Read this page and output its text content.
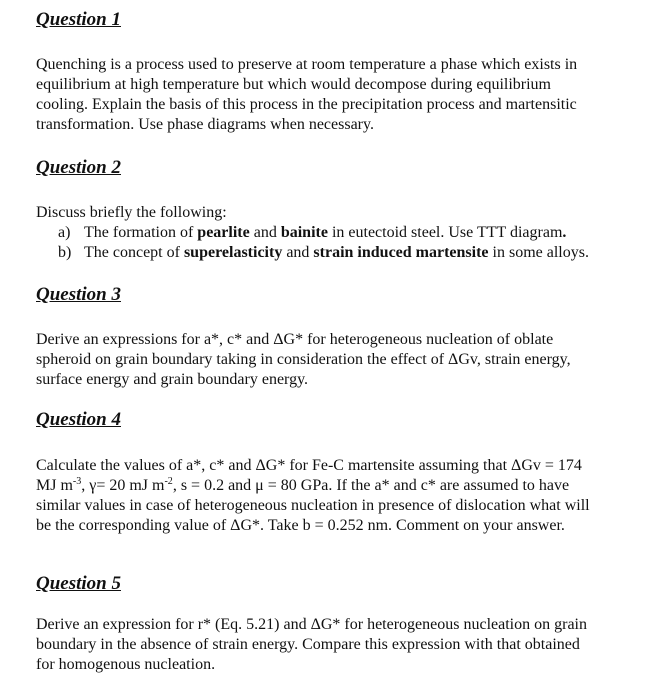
Question 1
Quenching is a process used to preserve at room temperature a phase which exists in
equilibrium at high temperature but which would decompose during equilibrium
cooling. Explain the basis of this process in the precipitation process and martensitic
transformation. Use phase diagrams when necessary.
Question 2
Discuss briefly the following:
a) The formation of pearlite and bainite in eutectoid steel. Use TTT diagram.
b) The concept of superelasticity and strain induced martensite in some alloys.
Question 3
Derive an expressions for a*, c* and ΔG* for heterogeneous nucleation of oblate
spheroid on grain boundary taking in consideration the effect of ΔGv, strain energy,
surface energy and grain boundary energy.
Question 4
Calculate the values of a*, c* and ΔG* for Fe-C martensite assuming that ΔGv = 174
MJ $m^{-3}$, γ= 20 mJ $m^{-2}$, s = 0.2 and μ = 80 GPa. If the a* and c* are assumed to have
similar values in case of heterogeneous nucleation in presence of dislocation what will
be the corresponding value of ΔG*. Take b = 0.252 nm. Comment on your answer.
Question 5
Derive an expression for r* (Eq. 5.21) and ΔG* for heterogeneous nucleation on grain
boundary in the absence of strain energy. Compare this expression with that obtained
for homogenous nucleation.
